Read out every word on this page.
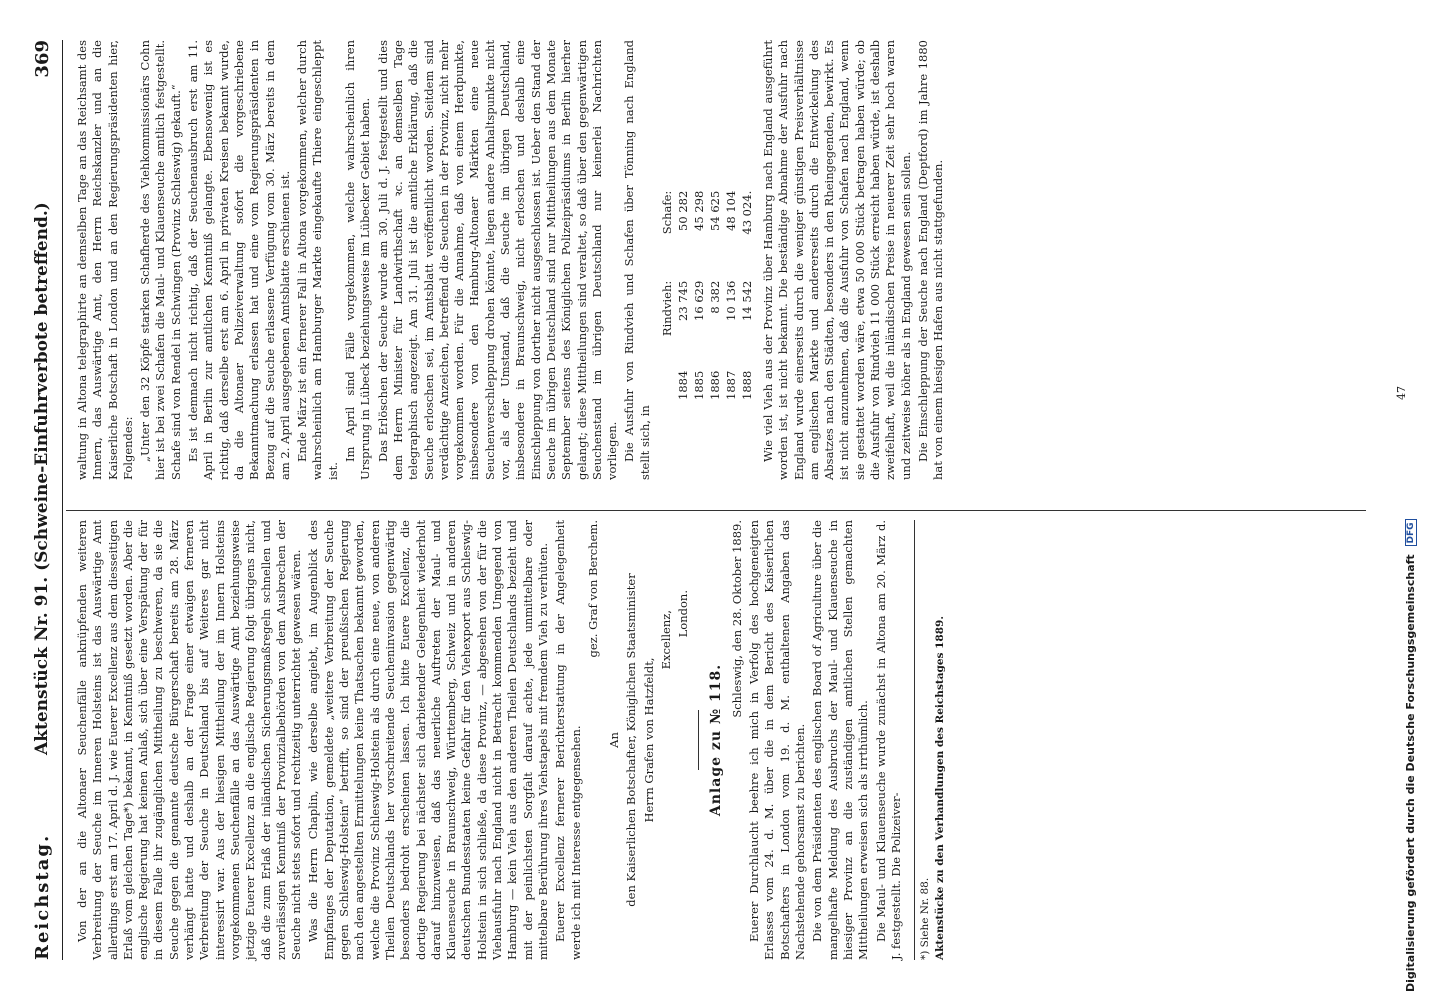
Reichstag.
Aktenstück Nr. 91. (Schweine-Einfuhrverbote betreffend.)
369

Von der an die Altonaer Seuchenfälle anknüpfenden weiteren Verbreitung der Seuche im Inneren Holsteins ist das Auswärtige Amt allerdings erst am 17. April d. J. wie Euerer Excellenz aus dem diesseitigen Erlaß vom gleichen Tage*) bekannt, in Kenntniß gesetzt worden. Aber die englische Regierung hat keinen Anlaß, sich über eine Verspätung der für in diesem Falle ihr zugänglichen Mittheilung zu beschweren, da sie die Seuche gegen die genannte deutsche Bürgerschaft bereits am 28. März verhängt hatte und deshalb an der Frage einer etwaigen ferneren Verbreitung der Seuche in Deutschland bis auf Weiteres gar nicht interessirt war. Aus der hiesigen Mittheilung der im Innern Holsteins vorgekommenen Seuchenfälle an das Auswärtige Amt beziehungsweise jetzige Euerer Excellenz an die englische Regierung folgt übrigens nicht, daß die zum Erlaß der inländischen Sicherungsmaßregeln schnellen und zuverlässigen Kenntniß der Provinzialbehörden von dem Ausbrechen der Seuche nicht stets sofort und rechtzeitig unterrichtet gewesen wären. Was die Herrn Chaplin, wie derselbe angiebt, im Augenblick des Empfanges der Deputation, gemeldete „weitere Verbreitung der Seuche gegen Schleswig-Holstein“ betrifft, so sind der preußischen Regierung nach den angestellten Ermittelungen keine Thatsachen bekannt geworden, welche die Provinz Schleswig-Holstein als durch eine neue, von anderen Theilen Deutschlands her vorschreitende Seucheninvasion gegenwärtig besonders bedroht erscheinen lassen. Ich bitte Euere Excellenz, die dortige Regierung bei nächster sich darbietender Gelegenheit wiederholt darauf hinzuweisen, daß das neuerliche Auftreten der Maul- und Klauenseuche in Braunschweig, Württemberg, Schweiz und in anderen deutschen Bundesstaaten keine Gefahr für den Viehexport aus Schleswig-Holstein in sich schließe, da diese Provinz, — abgesehen von der für die Viehausfuhr nach England nicht in Betracht kommenden Umgegend von Hamburg — kein Vieh aus den anderen Theilen Deutschlands bezieht und mit der peinlichsten Sorgfalt darauf achte, jede unmittelbare oder mittelbare Berührung ihres Viehstapels mit fremdem Vieh zu verhüten. Euerer Excellenz fernerer Berichterstattung in der Angelegenheit werde ich mit Interesse entgegensehen.

gez. Graf von Berchem.

An den Kaiserlichen Botschafter, Königlichen Staatsminister Herrn Grafen von Hatzfeldt,

Excellenz, London.

Anlage zu № 118.

Schleswig, den 28. Oktober 1889. Euerer Durchlaucht beehre ich mich in Verfolg des hochgeneigten Erlasses vom 24. d. M. über die in dem Bericht des Kaiserlichen Botschafters in London vom 19. d. M. enthaltenen Angaben das Nachstehende gehorsamst zu berichten. Die von dem Präsidenten des englischen Board of Agriculture über die mangelhafte Meldung des Ausbruchs der Maul- und Klauenseuche in hiesiger Provinz an die zuständigen amtlichen Stellen gemachten Mittheilungen erweisen sich als irrthümlich. Die Maul- und Klauenseuche wurde zunächst in Altona am 20. März d. J. festgestellt. Die Polizeiver- *) Siehe Nr. 88. Aktenstücke zu den Verhandlungen des Reichstages 1889.

waltung in Altona telegraphirte an demselben Tage an das Reichsamt des Innern, das Auswärtige Amt, den Herrn Reichskanzler und an die Kaiserliche Botschaft in London und an den Regierungspräsidenten hier, Folgendes: „Unter den 32 Köpfe starken Schafherde des Viehkommissionärs Cohn hier ist bei zwei Schafen die Maul- und Klauenseuche amtlich festgestellt. Schafe sind von Rendel in Schwingen (Provinz Schleswig) gekauft.“ Es ist demnach nicht richtig, daß der Seuchenausbruch erst am 11. April in Berlin zur amtlichen Kenntniß gelangte. Ebensowenig ist es richtig, daß derselbe erst am 6. April in privaten Kreisen bekannt wurde, da die Altonaer Polizeiverwaltung sofort die vorgeschriebene Bekanntmachung erlassen hat und eine vom Regierungspräsidenten in Bezug auf die Seuche erlassene Verfügung vom 30. März bereits in dem am 2. April ausgegebenen Amtsblatte erschienen ist. Ende März ist ein fernerer Fall in Altona vorgekommen, welcher durch wahrscheinlich am Hamburger Markte eingekaufte Thiere eingeschleppt ist.

Im April sind Fälle vorgekommen, welche wahrscheinlich ihren Ursprung in Lübeck beziehungsweise im Lübecker Gebiet haben. Das Erlöschen der Seuche wurde am 30. Juli d. J. festgestellt und dies dem Herrn Minister für Landwirthschaft ꝛc. an demselben Tage telegraphisch angezeigt. Am 31. Juli ist die amtliche Erklärung, daß die Seuche erloschen sei, im Amtsblatt veröffentlicht worden. Seitdem sind verdächtige Anzeichen, betreffend die Seuchen in der Provinz, nicht mehr vorgekommen worden. Für die Annahme, daß von einem Herdpunkte, insbesondere von den Hamburg-Altonaer Märkten eine neue Seuchenverschleppung drohen könnte, liegen andere Anhaltspunkte nicht vor, als der Umstand, daß die Seuche im übrigen Deutschland, insbesondere in Braunschweig, nicht erloschen und deshalb eine Einschleppung von dorther nicht ausgeschlossen ist. Ueber den Stand der Seuche im übrigen Deutschland sind nur Mittheilungen aus dem Monate September seitens des Königlichen Polizeipräsidiums in Berlin hierher gelangt; diese Mittheilungen sind veraltet, so daß über den gegenwärtigen Seuchenstand im übrigen Deutschland nur keinerlei Nachrichten vorliegen. Die Ausfuhr von Rindvieh und Schafen über Tönning nach England stellt sich, in

	Rindvieh:	Schafe:
1884	23 745	50 282
1885	16 629	45 298
1886	8 382	54 625
1887	10 136	48 104
1888	14 542	43 024. Wie viel Vieh aus der Provinz über Hamburg nach England ausgeführt worden ist, ist nicht bekannt. Die beständige Abnahme der Ausfuhr nach England wurde einerseits durch die weniger günstigen Preisverhältnisse am englischen Markte und andererseits durch die Entwickelung des Absatzes nach den Städten, besonders in den Rheingegenden, bewirkt. Es ist nicht anzunehmen, daß die Ausfuhr von Schafen nach England, wenn sie gestattet worden wäre, etwa 50 000 Stück betragen haben würde; ob die Ausfuhr von Rindvieh 11 000 Stück erreicht haben würde, ist deshalb zweifelhaft, weil die inländischen Preise in neuerer Zeit sehr hoch waren und zeitweise höher als in England gewesen sein sollen. Die Einschleppung der Seuche nach England (Deptford) im Jahre 1880 hat von einem hiesigen Hafen aus nicht stattgefunden.	47
Digitalisierung gefördert durch die Deutsche Forschungsgemeinschaft DFG
